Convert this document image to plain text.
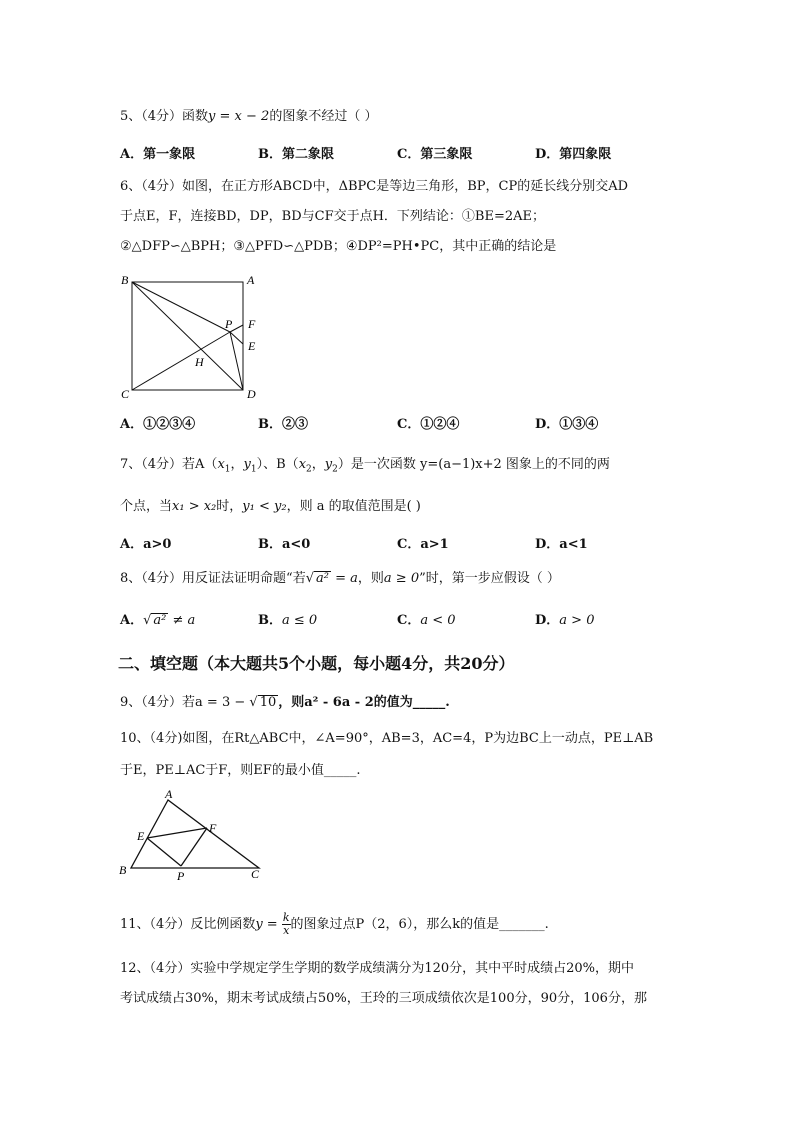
5、（4分）函数y = x − 2的图象不经过（ ）
A．第一象限	B．第二象限	C．第三象限	D．第四象限
6、（4分）如图，在正方形ABCD中，ΔBPC是等边三角形，BP，CP的延长线分别交AD
于点E，F，连接BD，DP，BD与CF交于点H．下列结论：①BE=2AE；
②△DFP∽△BPH；③△PFD∽△PDB；④DP²=PH•PC，其中正确的结论是
B	A
C	D
P F
E
H
A．①②③④	B．②③	C．①②④	D．①③④
7、（4分）若$A(x_1$，$y_1$）、$B(x_2$，$y_2$）是一次函数 y=(a−1)x+2 图象上的不同的两
个点，当x₁ > x₂时，y₁ < y₂，则 a 的取值范围是( )
A．a>0	B．a<0	C．a>1	D．a<1
8、（4分）用反证法证明命题“若√ a² = a，则a ≥ 0”时，第一步应假设（ ）
A．√ a² ≠ a	B．a ≤ 0	C．a < 0	D．a > 0
二、填空题（本大题共5个小题，每小题4分，共20分）
9、（4分）若a = 3 − √ 10 ，则a² - 6a - 2的值为_____.
10、（4分)如图，在Rt△ABC中，∠A=90°，AB=3，AC=4，P为边BC上一动点，PE⊥AB
于E，PE⊥AC于F，则EF的最小值_____.
A
E
F
B	P	C
11、（4分）反比例函数$y = \frac{k}{x}$ 的图象过点P（2，6），那么k的值是_______.
12、（4分）实验中学规定学生学期的数学成绩满分为120分，其中平时成绩占20%，期中
考试成绩占30%，期末考试成绩占50%，王玲的三项成绩依次是100分，90分，106分，那
